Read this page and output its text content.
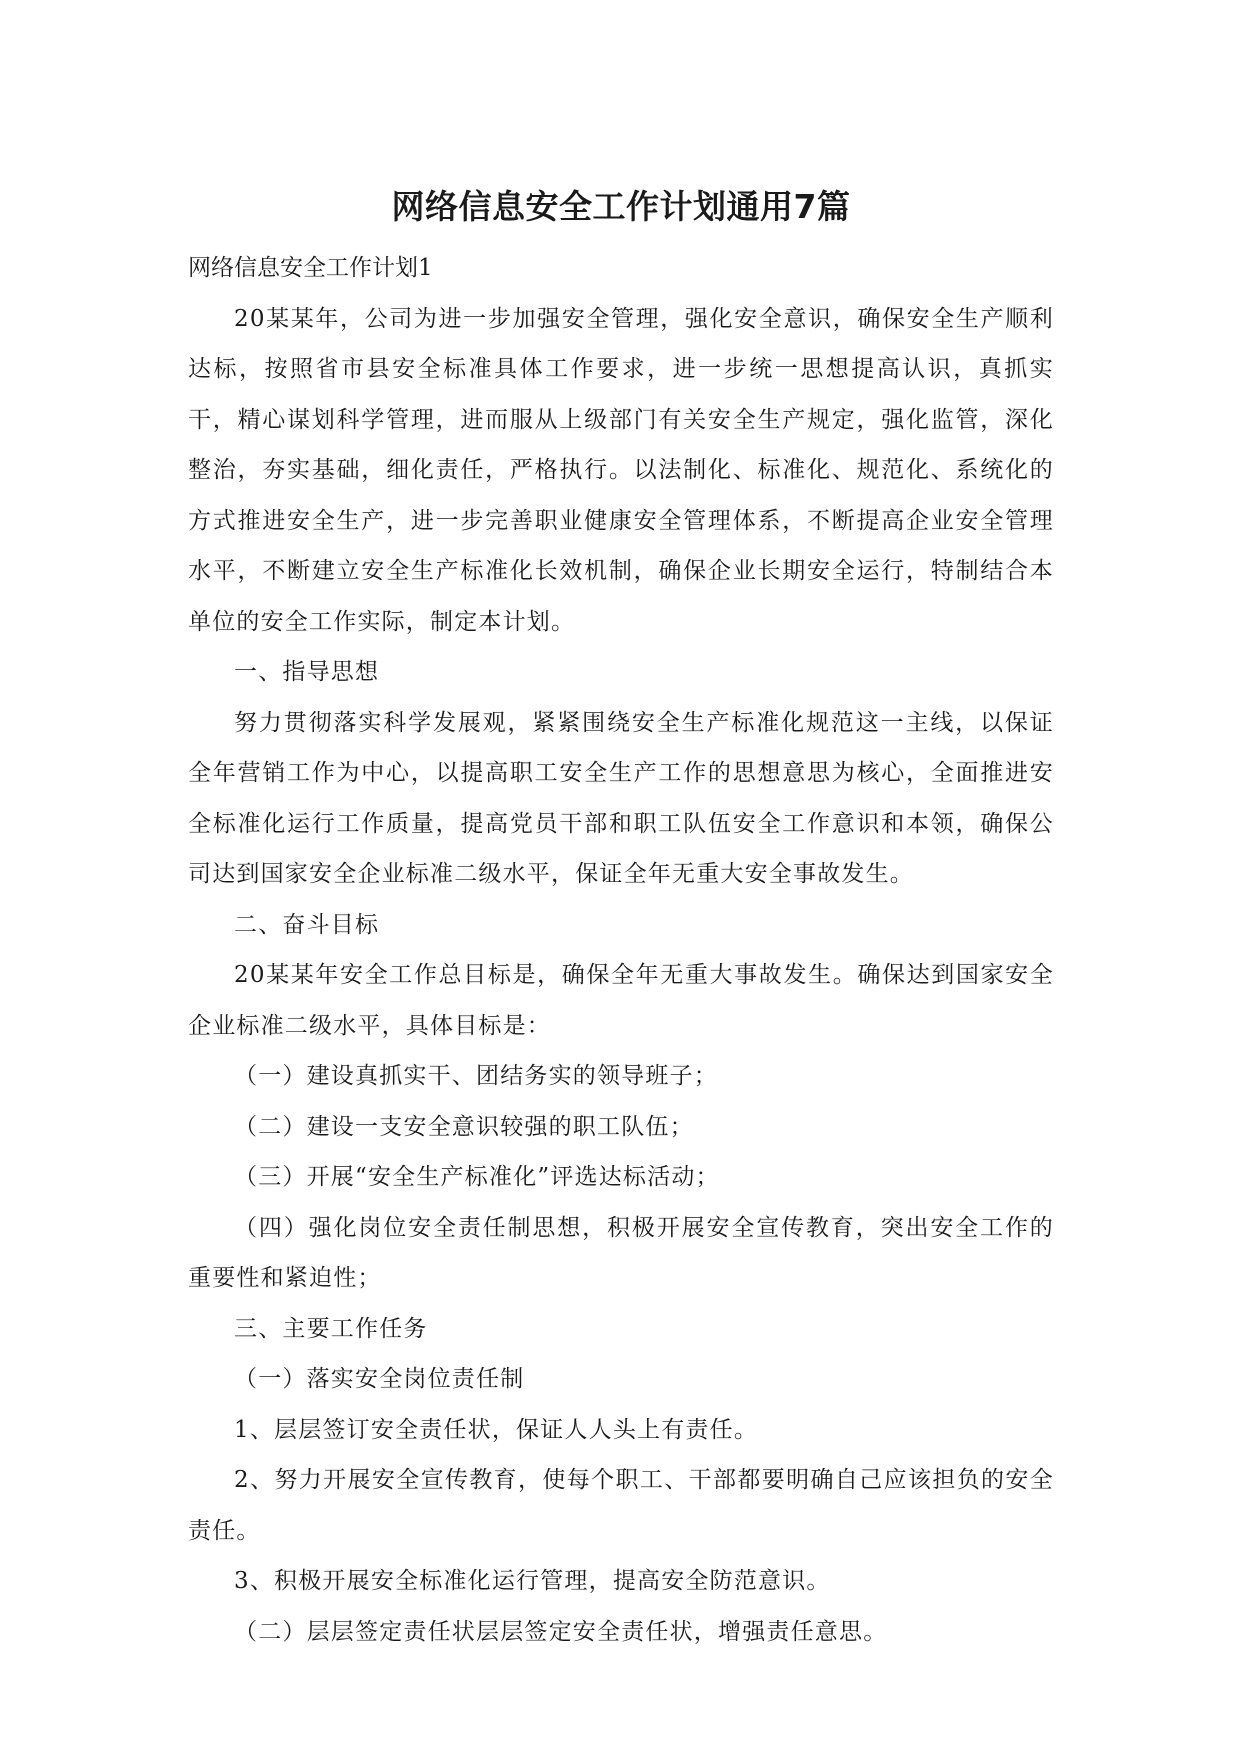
网络信息安全工作计划通用7篇

网络信息安全工作计划1

20某某年，公司为进一步加强安全管理，强化安全意识，确保安全生产顺利达标，按照省市县安全标准具体工作要求，进一步统一思想提高认识，真抓实干，精心谋划科学管理，进而服从上级部门有关安全生产规定，强化监管，深化整治，夯实基础，细化责任，严格执行。以法制化、标准化、规范化、系统化的方式推进安全生产，进一步完善职业健康安全管理体系，不断提高企业安全管理水平，不断建立安全生产标准化长效机制，确保企业长期安全运行，特制结合本单位的安全工作实际，制定本计划。

一、指导思想

努力贯彻落实科学发展观，紧紧围绕安全生产标准化规范这一主线，以保证全年营销工作为中心，以提高职工安全生产工作的思想意思为核心，全面推进安全标准化运行工作质量，提高党员干部和职工队伍安全工作意识和本领，确保公司达到国家安全企业标准二级水平，保证全年无重大安全事故发生。

二、奋斗目标

20某某年安全工作总目标是，确保全年无重大事故发生。确保达到国家安全企业标准二级水平，具体目标是：

（一）建设真抓实干、团结务实的领导班子；

（二）建设一支安全意识较强的职工队伍；

（三）开展“安全生产标准化”评选达标活动；

（四）强化岗位安全责任制思想，积极开展安全宣传教育，突出安全工作的重要性和紧迫性；

三、主要工作任务

（一）落实安全岗位责任制

1、层层签订安全责任状，保证人人头上有责任。

2、努力开展安全宣传教育，使每个职工、干部都要明确自己应该担负的安全责任。

3、积极开展安全标准化运行管理，提高安全防范意识。

（二）层层签定责任状层层签定安全责任状，增强责任意思。
